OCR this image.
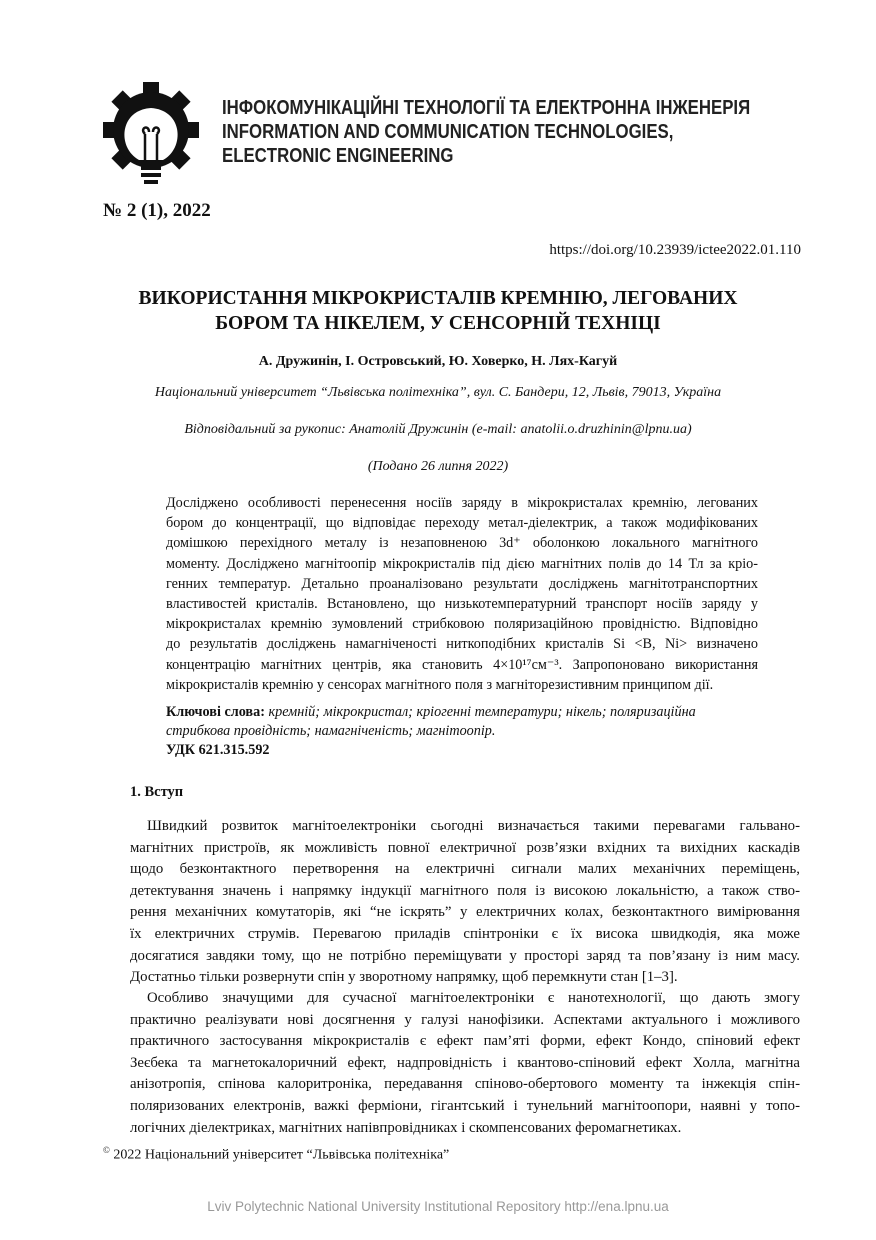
ІНФОКОМУНІКАЦІЙНІ ТЕХНОЛОГІЇ ТА ЕЛЕКТРОННА ІНЖЕНЕРІЯ
INFORMATION AND COMMUNICATION TECHNOLOGIES,
ELECTRONIC ENGINEERING
№ 2 (1), 2022
https://doi.org/10.23939/ictee2022.01.110
ВИКОРИСТАННЯ МІКРОКРИСТАЛІВ КРЕМНІЮ, ЛЕГОВАНИХ
БОРОМ ТА НІКЕЛЕМ, У СЕНСОРНІЙ ТЕХНІЦІ
А. Дружинін, І. Островський, Ю. Ховерко, Н. Лях-Кагуй
Національний університет “Львівська політехніка”, вул. С. Бандери, 12, Львів, 79013, Україна
Відповідальний за рукопис: Анатолій Дружинін (e-mail: anatolii.o.druzhinin@lpnu.ua)
(Подано 26 липня 2022)
Досліджено особливості перенесення носіїв заряду в мікрокристалах кремнію, легованих
бором до концентрації, що відповідає переходу метал-діелектрик, а також модифікованих
домішкою перехідного металу із незаповненою 3d⁺ оболонкою локального магнітного
моменту. Досліджено магнітоопір мікрокристалів під дією магнітних полів до 14 Тл за кріо-
генних температур. Детально проаналізовано результати досліджень магнітотранспортних
властивостей кристалів. Встановлено, що низькотемпературний транспорт носіїв заряду у
мікрокристалах кремнію зумовлений стрибковою поляризаційною провідністю. Відповідно
до результатів досліджень намагніченості ниткоподібних кристалів Si <B, Ni> визначено
концентрацію магнітних центрів, яка становить 4×10¹⁷см⁻³. Запропоновано використання
мікрокристалів кремнію у сенсорах магнітного поля з магніторезистивним принципом дії.
Ключові слова: кремній; мікрокристал; кріогенні температури; нікель; поляризаційна
стрибкова провідність; намагніченість; магнітоопір.
УДК 621.315.592
1. Вступ
Швидкий розвиток магнітоелектроніки сьогодні визначається такими перевагами гальвано-
магнітних пристроїв, як можливість повної електричної розв’язки вхідних та вихідних каскадів
щодо безконтактного перетворення на електричні сигнали малих механічних переміщень,
детектування значень і напрямку індукції магнітного поля із високою локальністю, а також ство-
рення механічних комутаторів, які “не іскрять” у електричних колах, безконтактного вимірювання
їх електричних струмів. Перевагою приладів спінтроніки є їх висока швидкодія, яка може
досягатися завдяки тому, що не потрібно переміщувати у просторі заряд та пов’язану із ним масу.
Достатньо тільки розвернути спін у зворотному напрямку, щоб перемкнути стан [1–3].
Особливо значущими для сучасної магнітоелектроніки є нанотехнології, що дають змогу
практично реалізувати нові досягнення у галузі нанофізики. Аспектами актуального і можливого
практичного застосування мікрокристалів є ефект пам’яті форми, ефект Кондо, спіновий ефект
Зеєбека та магнетокалоричний ефект, надпровідність і квантово-спіновий ефект Холла, магнітна
анізотропія, спінова калоритроніка, передавання спіново-обертового моменту та інжекція спін-
поляризованих електронів, важкі ферміони, гігантський і тунельний магнітоопори, наявні у топо-
логічних діелектриках, магнітних напівпровідниках і скомпенсованих феромагнетиках.
© 2022 Національний університет “Львівська політехніка”
Lviv Polytechnic National University Institutional Repository http://ena.lpnu.ua
